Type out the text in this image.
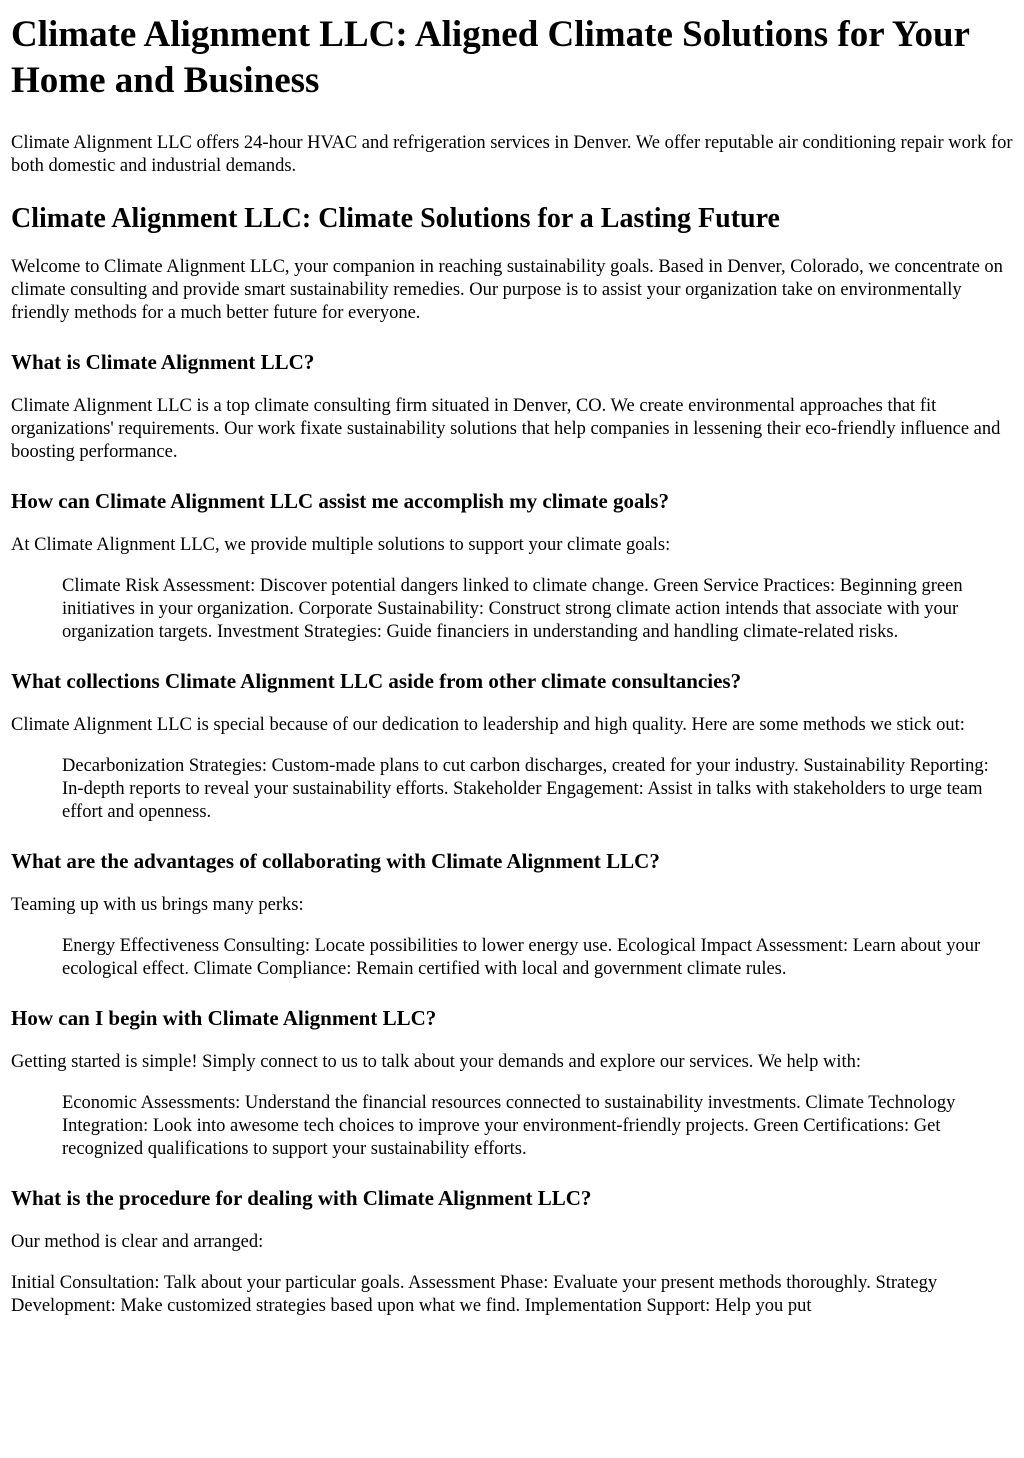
Climate Alignment LLC: Aligned Climate Solutions for Your Home and Business

Climate Alignment LLC offers 24-hour HVAC and refrigeration services in Denver. We offer reputable air conditioning repair work for both domestic and industrial demands.

Climate Alignment LLC: Climate Solutions for a Lasting Future

Welcome to Climate Alignment LLC, your companion in reaching sustainability goals. Based in Denver, Colorado, we concentrate on climate consulting and provide smart sustainability remedies. Our purpose is to assist your organization take on environmentally friendly methods for a much better future for everyone.

What is Climate Alignment LLC?

Climate Alignment LLC is a top climate consulting firm situated in Denver, CO. We create environmental approaches that fit organizations' requirements. Our work fixate sustainability solutions that help companies in lessening their eco-friendly influence and boosting performance.

How can Climate Alignment LLC assist me accomplish my climate goals?

At Climate Alignment LLC, we provide multiple solutions to support your climate goals:

Climate Risk Assessment: Discover potential dangers linked to climate change. Green Service Practices: Beginning green initiatives in your organization. Corporate Sustainability: Construct strong climate action intends that associate with your organization targets. Investment Strategies: Guide financiers in understanding and handling climate-related risks.
What collections Climate Alignment LLC aside from other climate consultancies?

Climate Alignment LLC is special because of our dedication to leadership and high quality. Here are some methods we stick out:

Decarbonization Strategies: Custom-made plans to cut carbon discharges, created for your industry. Sustainability Reporting: In-depth reports to reveal your sustainability efforts. Stakeholder Engagement: Assist in talks with stakeholders to urge team effort and openness.
What are the advantages of collaborating with Climate Alignment LLC?

Teaming up with us brings many perks:

Energy Effectiveness Consulting: Locate possibilities to lower energy use. Ecological Impact Assessment: Learn about your ecological effect. Climate Compliance: Remain certified with local and government climate rules.
How can I begin with Climate Alignment LLC?

Getting started is simple! Simply connect to us to talk about your demands and explore our services. We help with:

Economic Assessments: Understand the financial resources connected to sustainability investments. Climate Technology Integration: Look into awesome tech choices to improve your environment-friendly projects. Green Certifications: Get recognized qualifications to support your sustainability efforts.
What is the procedure for dealing with Climate Alignment LLC?

Our method is clear and arranged:

Initial Consultation: Talk about your particular goals. Assessment Phase: Evaluate your present methods thoroughly. Strategy Development: Make customized strategies based upon what we find. Implementation Support: Help you put
